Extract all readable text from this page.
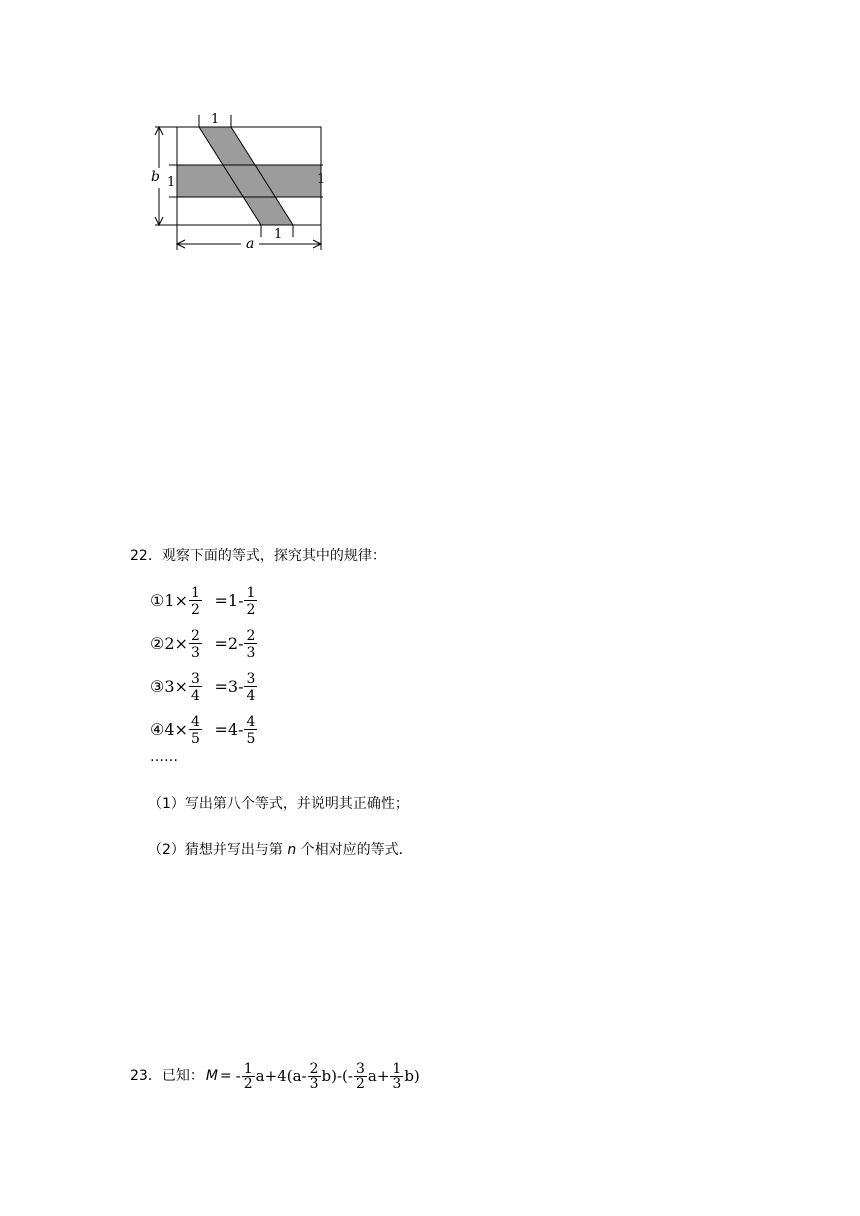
1
1	1
1
b
a
22．观察下面的等式，探究其中的规律：
① $1 \times \frac{1}{2} = 1 - \frac{1}{2}$
② $2 \times \frac{2}{3} = 2 - \frac{2}{3}$
③ $3 \times \frac{3}{4} = 3 - \frac{3}{4}$
④ $4 \times \frac{4}{5} = 4 - \frac{4}{5}$
……
（1）写出第八个等式，并说明其正确性；
（2）猜想并写出与第 n 个相对应的等式．
23． 已知： M = - $\frac{1}{2} a+4(a- \frac{2}{3} b)-(- \frac{3}{2} a+ \frac{1}{3} b)$
